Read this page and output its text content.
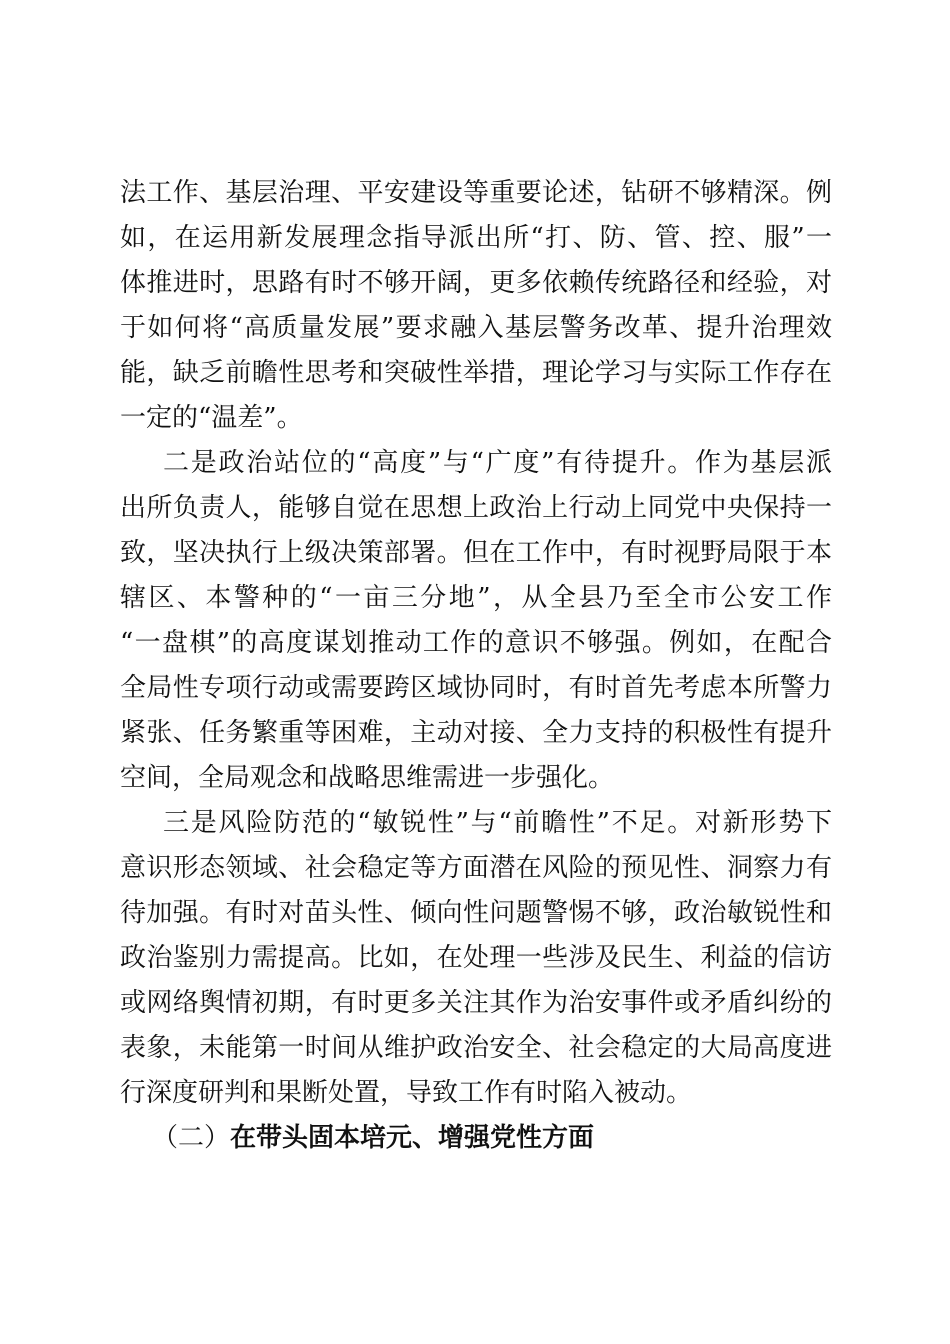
法工作、基层治理、平安建设等重要论述，钻研不够精深。例
如，在运用新发展理念指导派出所“打、防、管、控、服”一
体推进时，思路有时不够开阔，更多依赖传统路径和经验，对
于如何将“高质量发展”要求融入基层警务改革、提升治理效
能，缺乏前瞻性思考和突破性举措，理论学习与实际工作存在
一定的“温差”。
二是政治站位的“高度”与“广度”有待提升。作为基层派
出所负责人，能够自觉在思想上政治上行动上同党中央保持一
致，坚决执行上级决策部署。但在工作中，有时视野局限于本
辖区、本警种的“一亩三分地”，从全县乃至全市公安工作
“一盘棋”的高度谋划推动工作的意识不够强。例如，在配合
全局性专项行动或需要跨区域协同时，有时首先考虑本所警力
紧张、任务繁重等困难，主动对接、全力支持的积极性有提升
空间，全局观念和战略思维需进一步强化。
三是风险防范的“敏锐性”与“前瞻性”不足。对新形势下
意识形态领域、社会稳定等方面潜在风险的预见性、洞察力有
待加强。有时对苗头性、倾向性问题警惕不够，政治敏锐性和
政治鉴别力需提高。比如，在处理一些涉及民生、利益的信访
或网络舆情初期，有时更多关注其作为治安事件或矛盾纠纷的
表象，未能第一时间从维护政治安全、社会稳定的大局高度进
行深度研判和果断处置，导致工作有时陷入被动。
（二）在带头固本培元、增强党性方面
